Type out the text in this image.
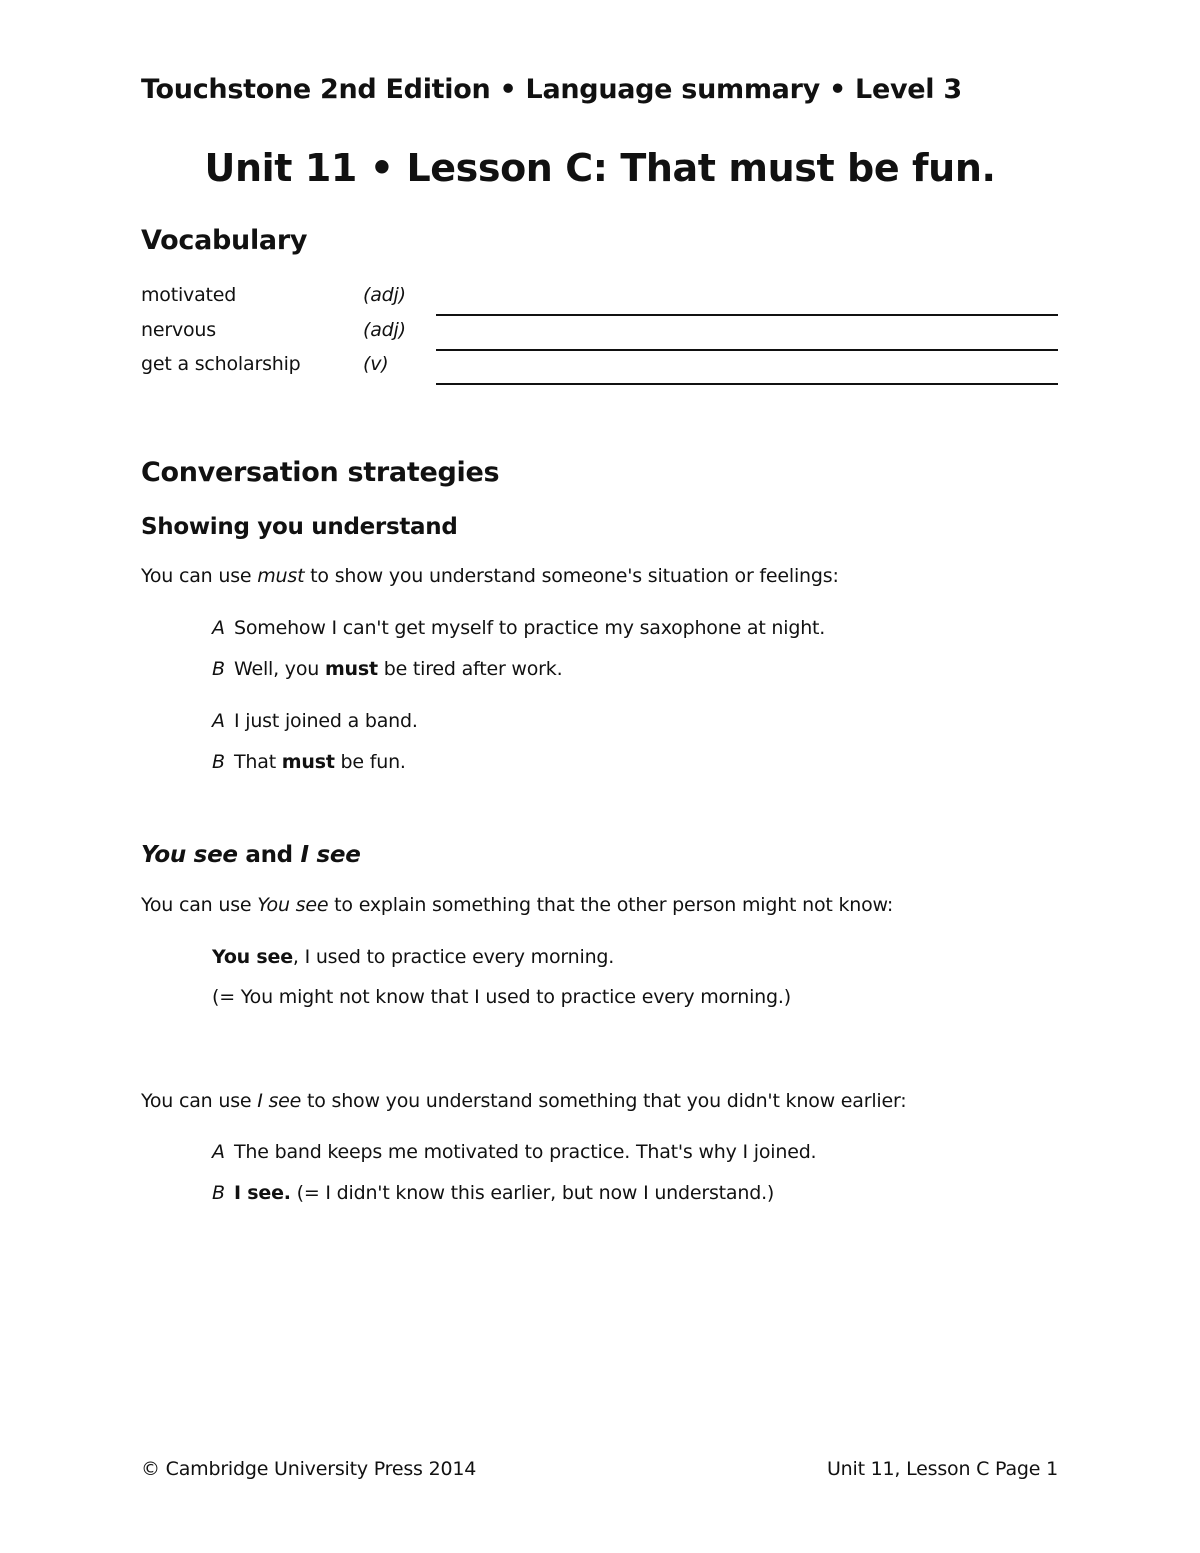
Touchstone 2nd Edition • Language summary • Level 3
Unit 11 • Lesson C: That must be fun.
Vocabulary
motivated	(adj)
nervous	(adj)
get a scholarship	(v)
Conversation strategies
Showing you understand
You can use must to show you understand someone's situation or feelings:
A Somehow I can't get myself to practice my saxophone at night.
B Well, you must be tired after work.
A I just joined a band.
B That must be fun.
You see and I see
You can use You see to explain something that the other person might not know:
You see, I used to practice every morning.
(= You might not know that I used to practice every morning.)
You can use I see to show you understand something that you didn't know earlier:
A The band keeps me motivated to practice. That's why I joined.
B I see. (= I didn't know this earlier, but now I understand.)
© Cambridge University Press 2014	Unit 11, Lesson C Page 1
